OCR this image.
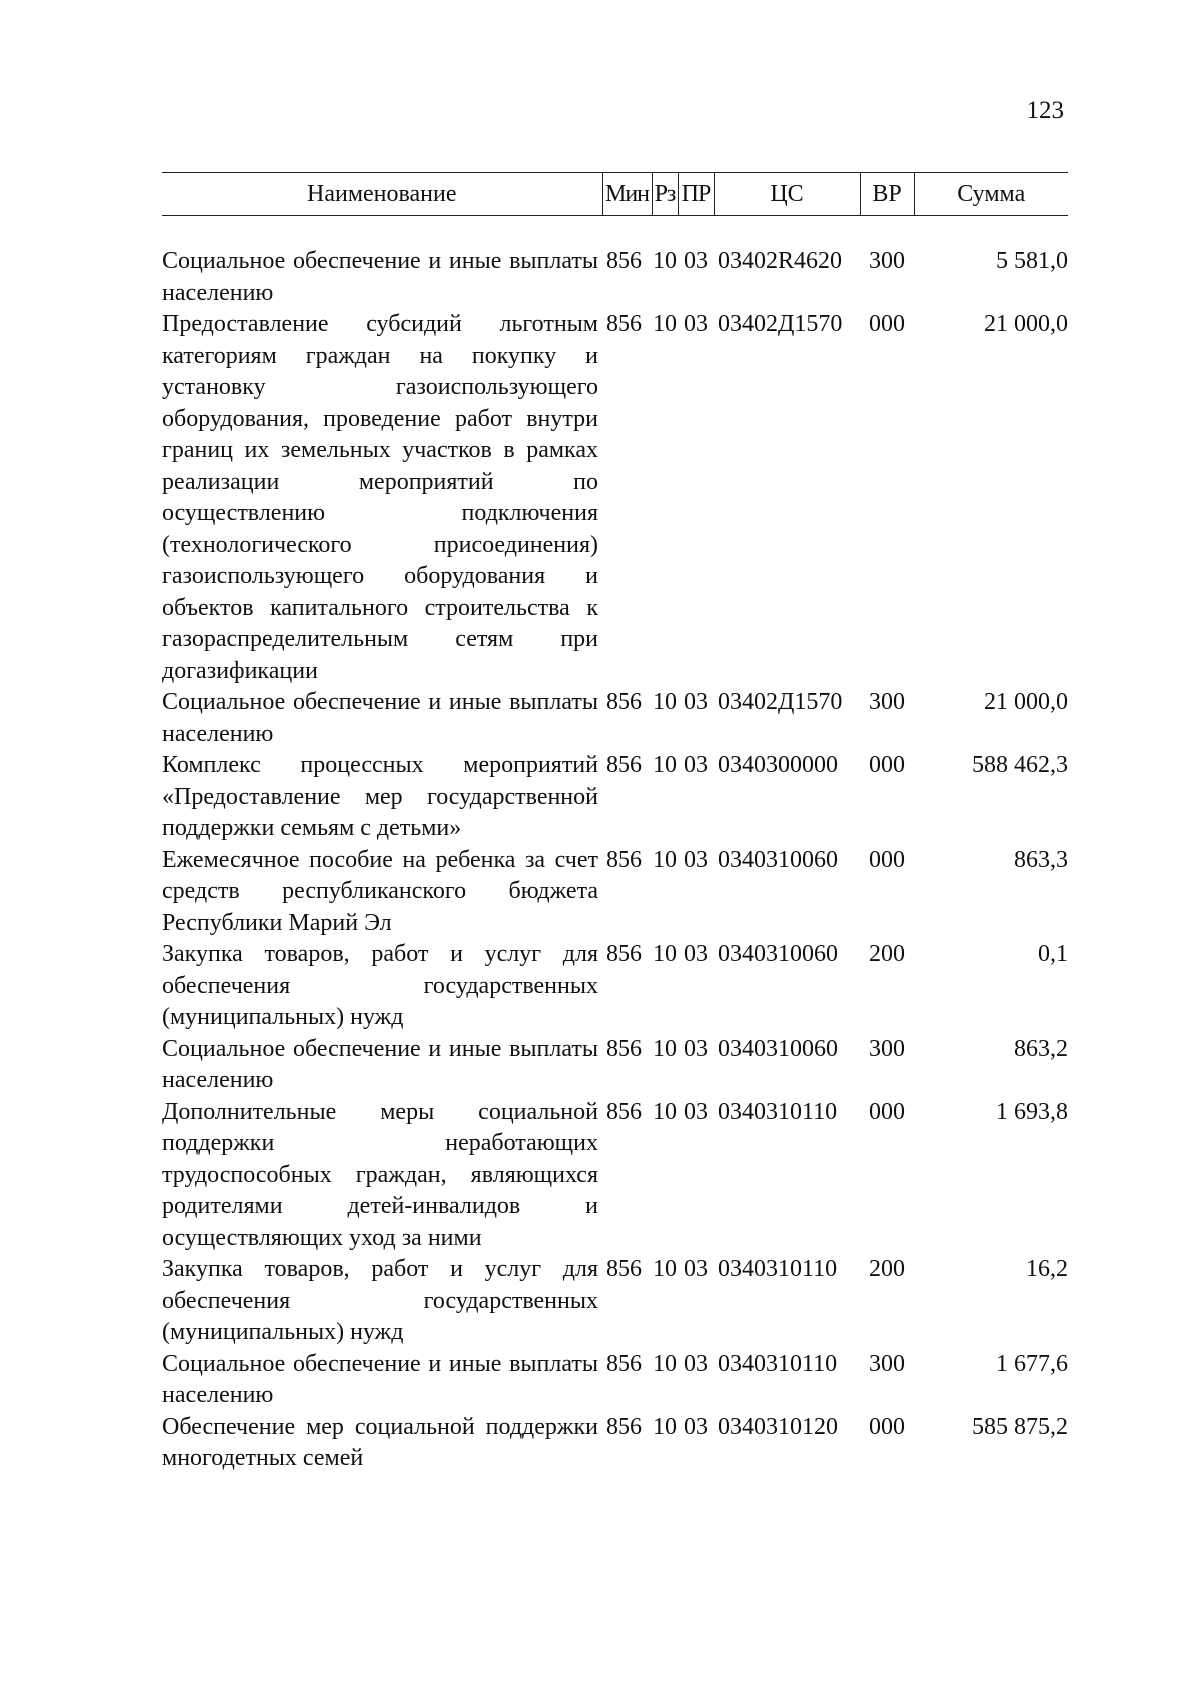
123
Наименование	Мин	Рз	ПР	ЦС	ВР	Сумма

Социальное обеспечение и иные выплаты населению	856	10	03	03402R4620	300	5 581,0
Предоставление субсидий льготным категориям граждан на покупку и установку газоиспользующего оборудования, проведение работ внутри границ их земельных участков в рамках реализации мероприятий по осуществлению подключения (технологического присоединения) газоиспользующего оборудования и объектов капитального строительства к газораспределительным сетям при догазификации	856	10	03	03402Д1570	000	21 000,0
Социальное обеспечение и иные выплаты населению	856	10	03	03402Д1570	300	21 000,0
Комплекс процессных мероприятий «Предоставление мер государственной поддержки семьям с детьми»	856	10	03	0340300000	000	588 462,3
Ежемесячное пособие на ребенка за счет средств республиканского бюджета Республики Марий Эл	856	10	03	0340310060	000	863,3
Закупка товаров, работ и услуг для обеспечения государственных (муниципальных) нужд	856	10	03	0340310060	200	0,1
Социальное обеспечение и иные выплаты населению	856	10	03	0340310060	300	863,2
Дополнительные меры социальной поддержки неработающих трудоспособных граждан, являющихся родителями детей-инвалидов и осуществляющих уход за ними	856	10	03	0340310110	000	1 693,8
Закупка товаров, работ и услуг для обеспечения государственных (муниципальных) нужд	856	10	03	0340310110	200	16,2
Социальное обеспечение и иные выплаты населению	856	10	03	0340310110	300	1 677,6
Обеспечение мер социальной поддержки многодетных семей	856	10	03	0340310120	000	585 875,2
